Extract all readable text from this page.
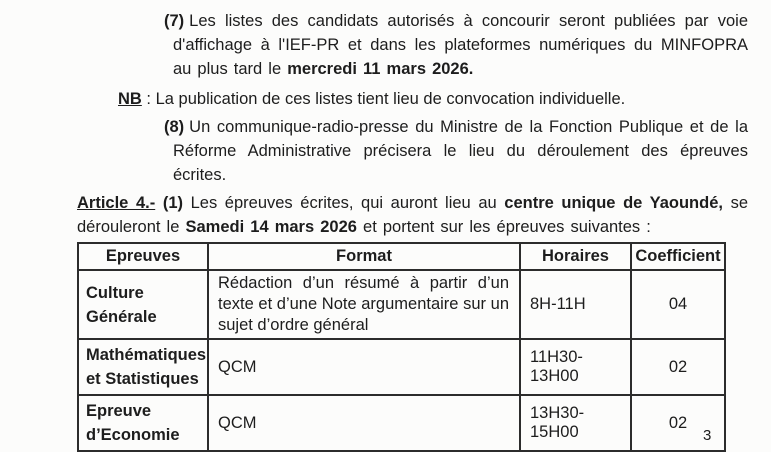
(7) Les listes des candidats autorisés à concourir seront publiées par voie d'affichage à l'IEF-PR et dans les plateformes numériques du MINFOPRA au plus tard le mercredi 11 mars 2026.

NB : La publication de ces listes tient lieu de convocation individuelle.

(8) Un communique-radio-presse du Ministre de la Fonction Publique et de la Réforme Administrative précisera le lieu du déroulement des épreuves écrites.

Article 4.- (1) Les épreuves écrites, qui auront lieu au centre unique de Yaoundé, se dérouleront le Samedi 14 mars 2026 et portent sur les épreuves suivantes :

Epreuves	Format	Horaires	Coefficient
Culture Générale	Rédaction d’un résumé à partir d’un texte et d’une Note argumentaire sur un sujet d’ordre général	8H-11H	04
Mathématiques et Statistiques	QCM	11H30-13H00	02
Epreuve d’Economie	QCM	13H30-15H00	02
3
